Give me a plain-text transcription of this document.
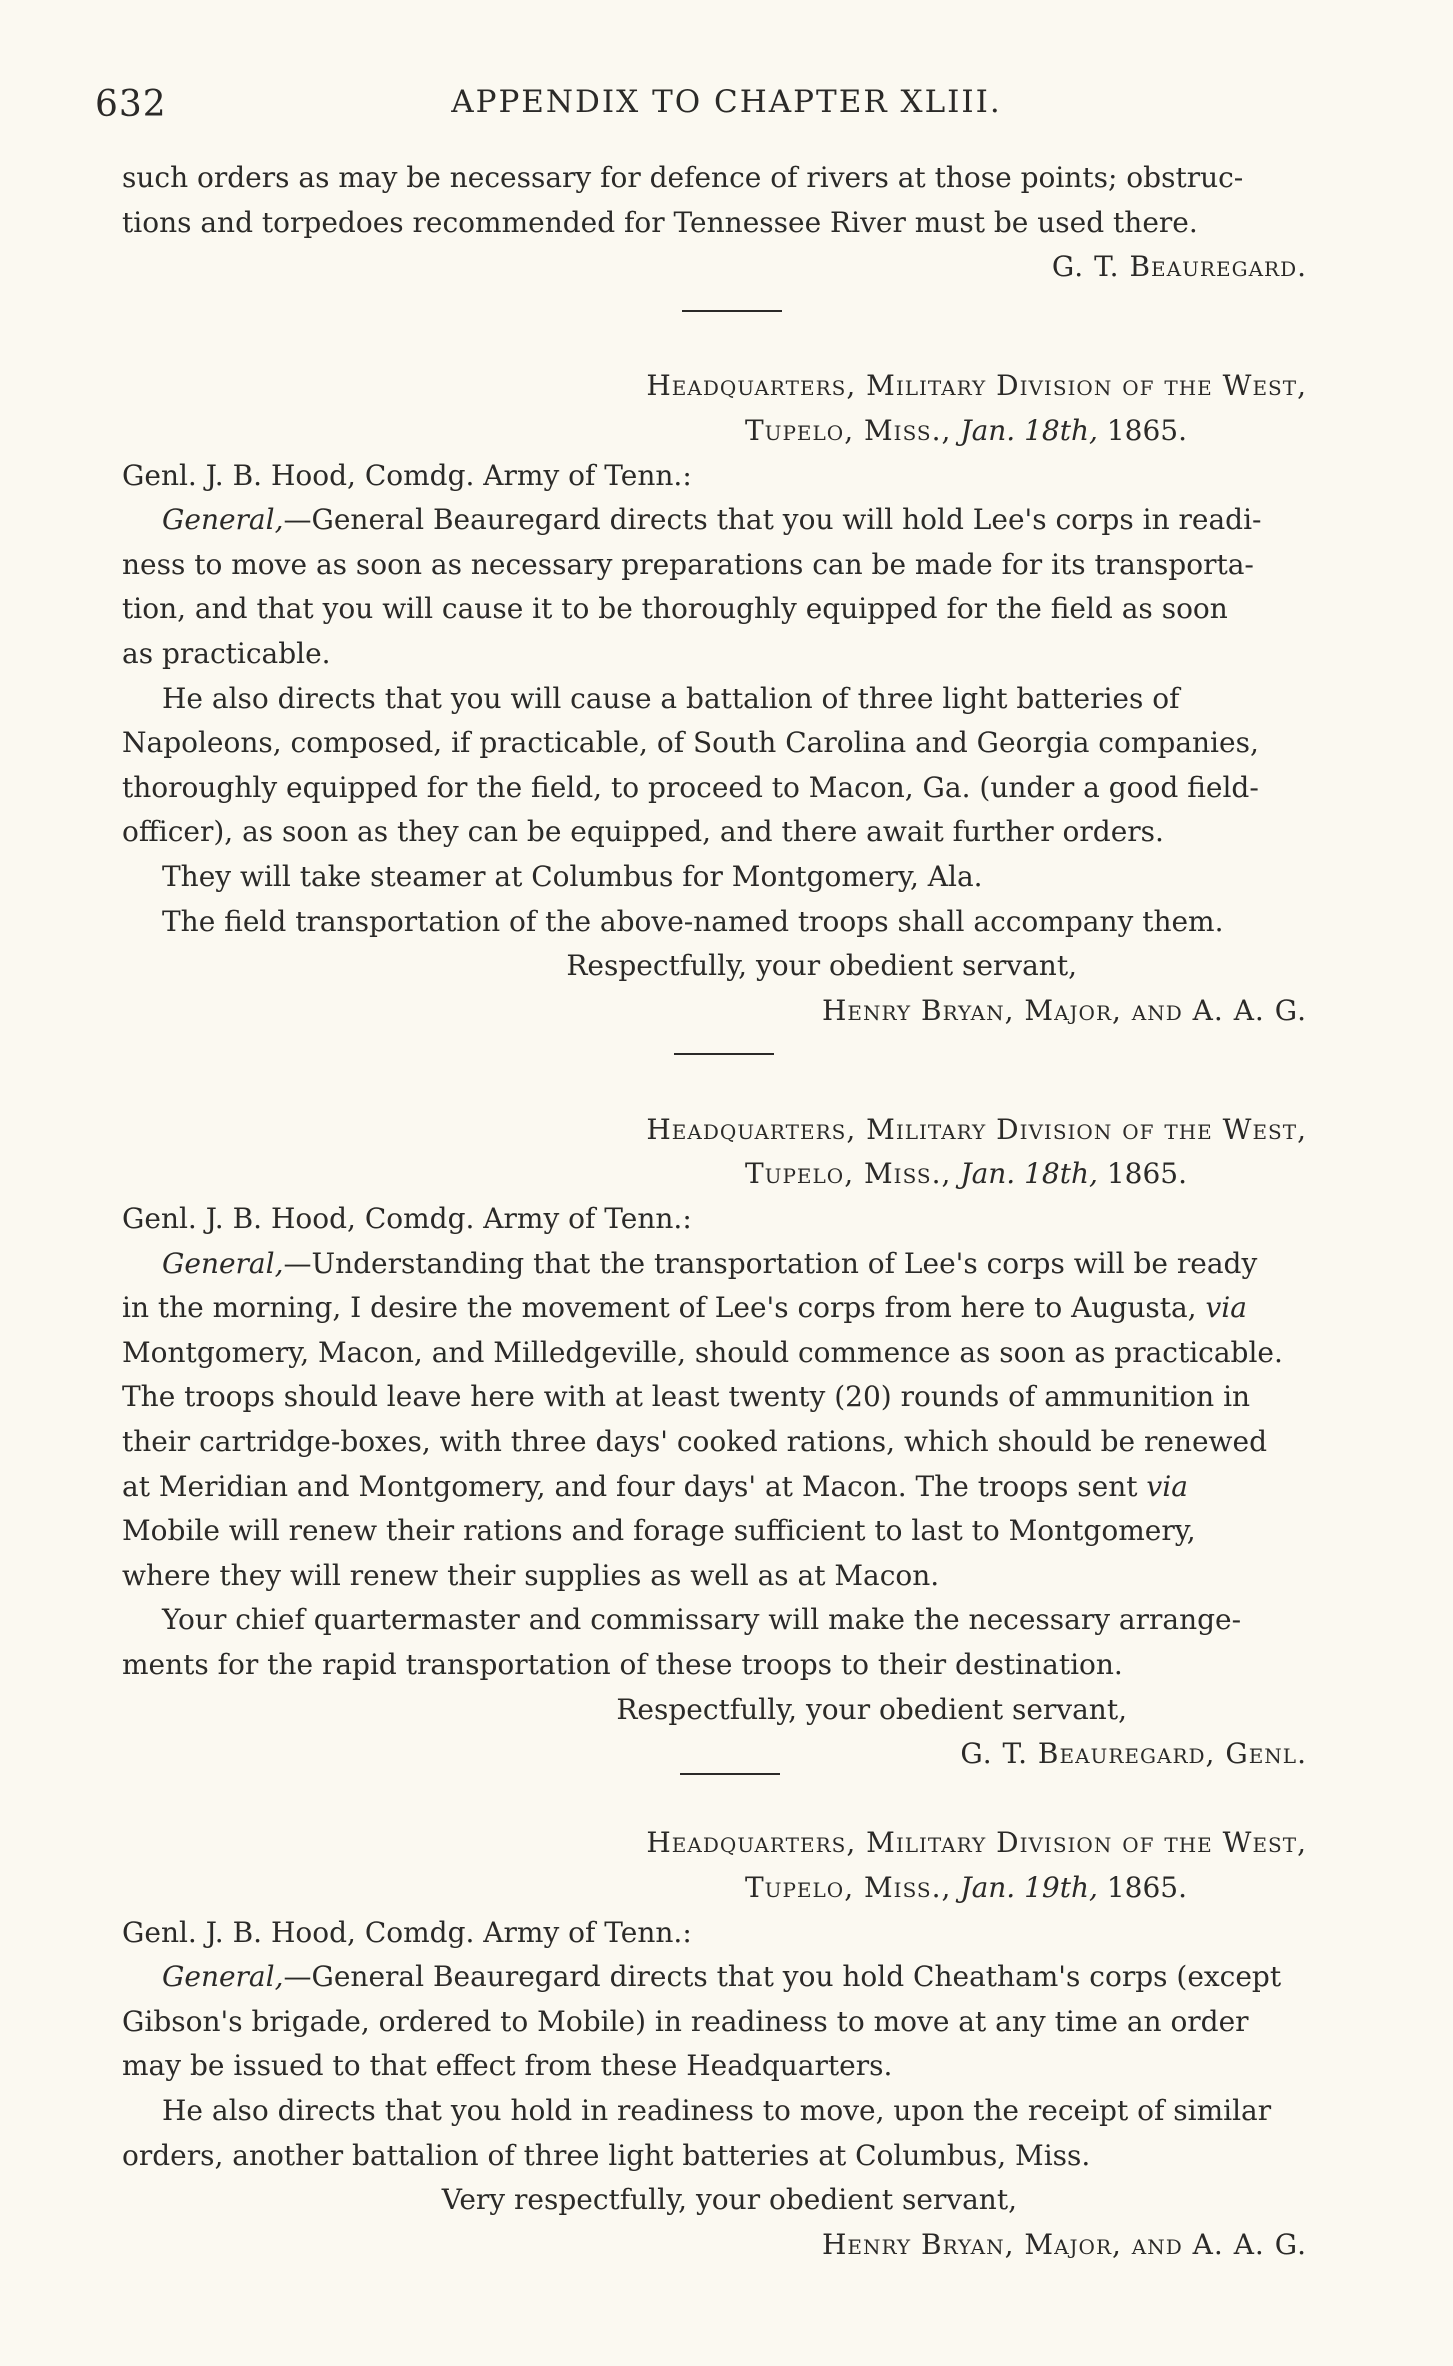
632	APPENDIX TO CHAPTER XLIII.
such orders as may be necessary for defence of rivers at those points; obstruc-
tions and torpedoes recommended for Tennessee River must be used there.
G. T. Beauregard.
Headquarters, Military Division of the West,
Tupelo, Miss., Jan. 18th, 1865.
Genl. J. B. Hood, Comdg. Army of Tenn.:
General,—General Beauregard directs that you will hold Lee's corps in readi-
ness to move as soon as necessary preparations can be made for its transporta-
tion, and that you will cause it to be thoroughly equipped for the field as soon
as practicable.
He also directs that you will cause a battalion of three light batteries of
Napoleons, composed, if practicable, of South Carolina and Georgia companies,
thoroughly equipped for the field, to proceed to Macon, Ga. (under a good field-
officer), as soon as they can be equipped, and there await further orders.
They will take steamer at Columbus for Montgomery, Ala.
The field transportation of the above-named troops shall accompany them.
Respectfully, your obedient servant,
Henry Bryan, Major, and A. A. G.
Headquarters, Military Division of the West,
Tupelo, Miss., Jan. 18th, 1865.
Genl. J. B. Hood, Comdg. Army of Tenn.:
General,—Understanding that the transportation of Lee's corps will be ready
in the morning, I desire the movement of Lee's corps from here to Augusta, via
Montgomery, Macon, and Milledgeville, should commence as soon as practicable.
The troops should leave here with at least twenty (20) rounds of ammunition in
their cartridge-boxes, with three days' cooked rations, which should be renewed
at Meridian and Montgomery, and four days' at Macon. The troops sent via
Mobile will renew their rations and forage sufficient to last to Montgomery,
where they will renew their supplies as well as at Macon.
Your chief quartermaster and commissary will make the necessary arrange-
ments for the rapid transportation of these troops to their destination.
Respectfully, your obedient servant,
G. T. Beauregard, Genl.
Headquarters, Military Division of the West,
Tupelo, Miss., Jan. 19th, 1865.
Genl. J. B. Hood, Comdg. Army of Tenn.:
General,—General Beauregard directs that you hold Cheatham's corps (except
Gibson's brigade, ordered to Mobile) in readiness to move at any time an order
may be issued to that effect from these Headquarters.
He also directs that you hold in readiness to move, upon the receipt of similar
orders, another battalion of three light batteries at Columbus, Miss.
Very respectfully, your obedient servant,
Henry Bryan, Major, and A. A. G.
